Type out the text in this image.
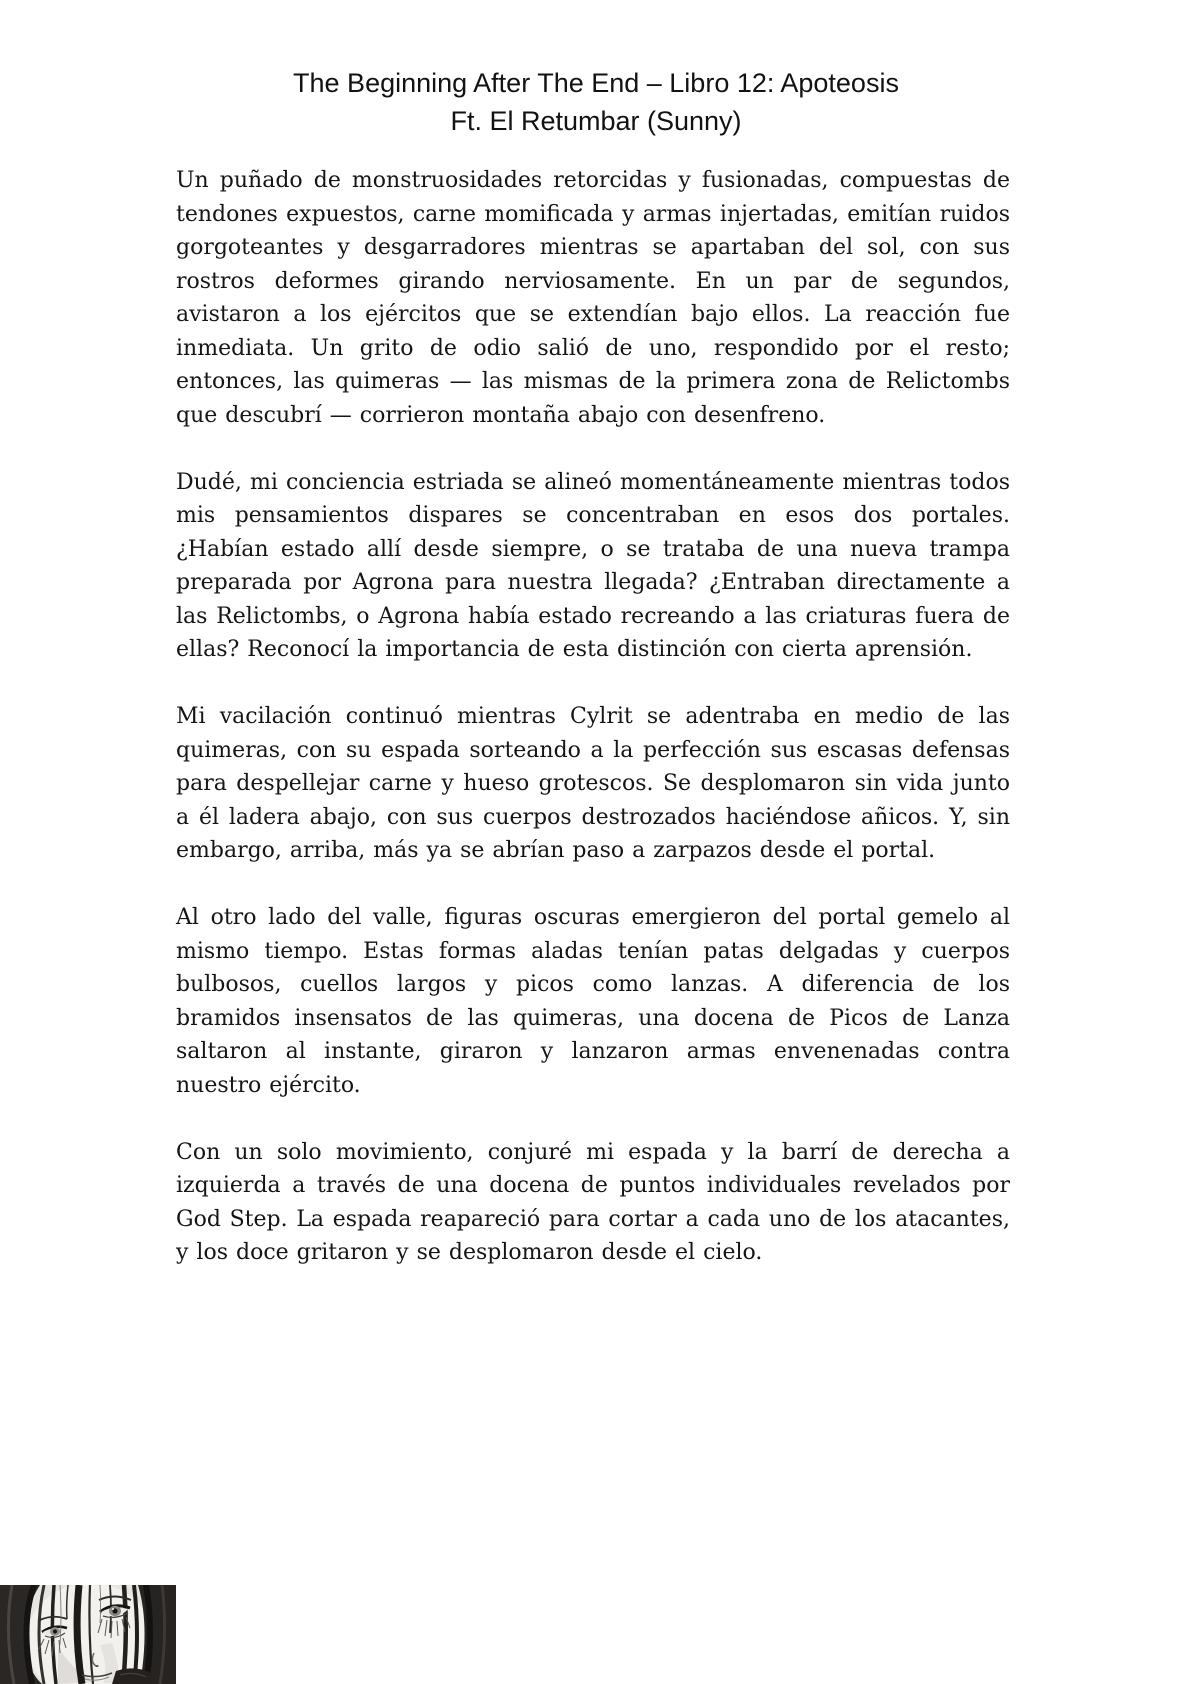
The Beginning After The End – Libro 12: Apoteosis
Ft. El Retumbar (Sunny)

Un puñado de monstruosidades retorcidas y fusionadas, compuestas de tendones expuestos, carne momificada y armas injertadas, emitían ruidos gorgoteantes y desgarradores mientras se apartaban del sol, con sus rostros deformes girando nerviosamente. En un par de segundos, avistaron a los ejércitos que se extendían bajo ellos. La reacción fue inmediata. Un grito de odio salió de uno, respondido por el resto; entonces, las quimeras — las mismas de la primera zona de Relictombs que descubrí — corrieron montaña abajo con desenfreno.

Dudé, mi conciencia estriada se alineó momentáneamente mientras todos mis pensamientos dispares se concentraban en esos dos portales. ¿Habían estado allí desde siempre, o se trataba de una nueva trampa preparada por Agrona para nuestra llegada? ¿Entraban directamente a las Relictombs, o Agrona había estado recreando a las criaturas fuera de ellas? Reconocí la importancia de esta distinción con cierta aprensión.

Mi vacilación continuó mientras Cylrit se adentraba en medio de las quimeras, con su espada sorteando a la perfección sus escasas defensas para despellejar carne y hueso grotescos. Se desplomaron sin vida junto a él ladera abajo, con sus cuerpos destrozados haciéndose añicos. Y, sin embargo, arriba, más ya se abrían paso a zarpazos desde el portal.

Al otro lado del valle, figuras oscuras emergieron del portal gemelo al mismo tiempo. Estas formas aladas tenían patas delgadas y cuerpos bulbosos, cuellos largos y picos como lanzas. A diferencia de los bramidos insensatos de las quimeras, una docena de Picos de Lanza saltaron al instante, giraron y lanzaron armas envenenadas contra nuestro ejército.

Con un solo movimiento, conjuré mi espada y la barrí de derecha a izquierda a través de una docena de puntos individuales revelados por God Step. La espada reapareció para cortar a cada uno de los atacantes, y los doce gritaron y se desplomaron desde el cielo.
